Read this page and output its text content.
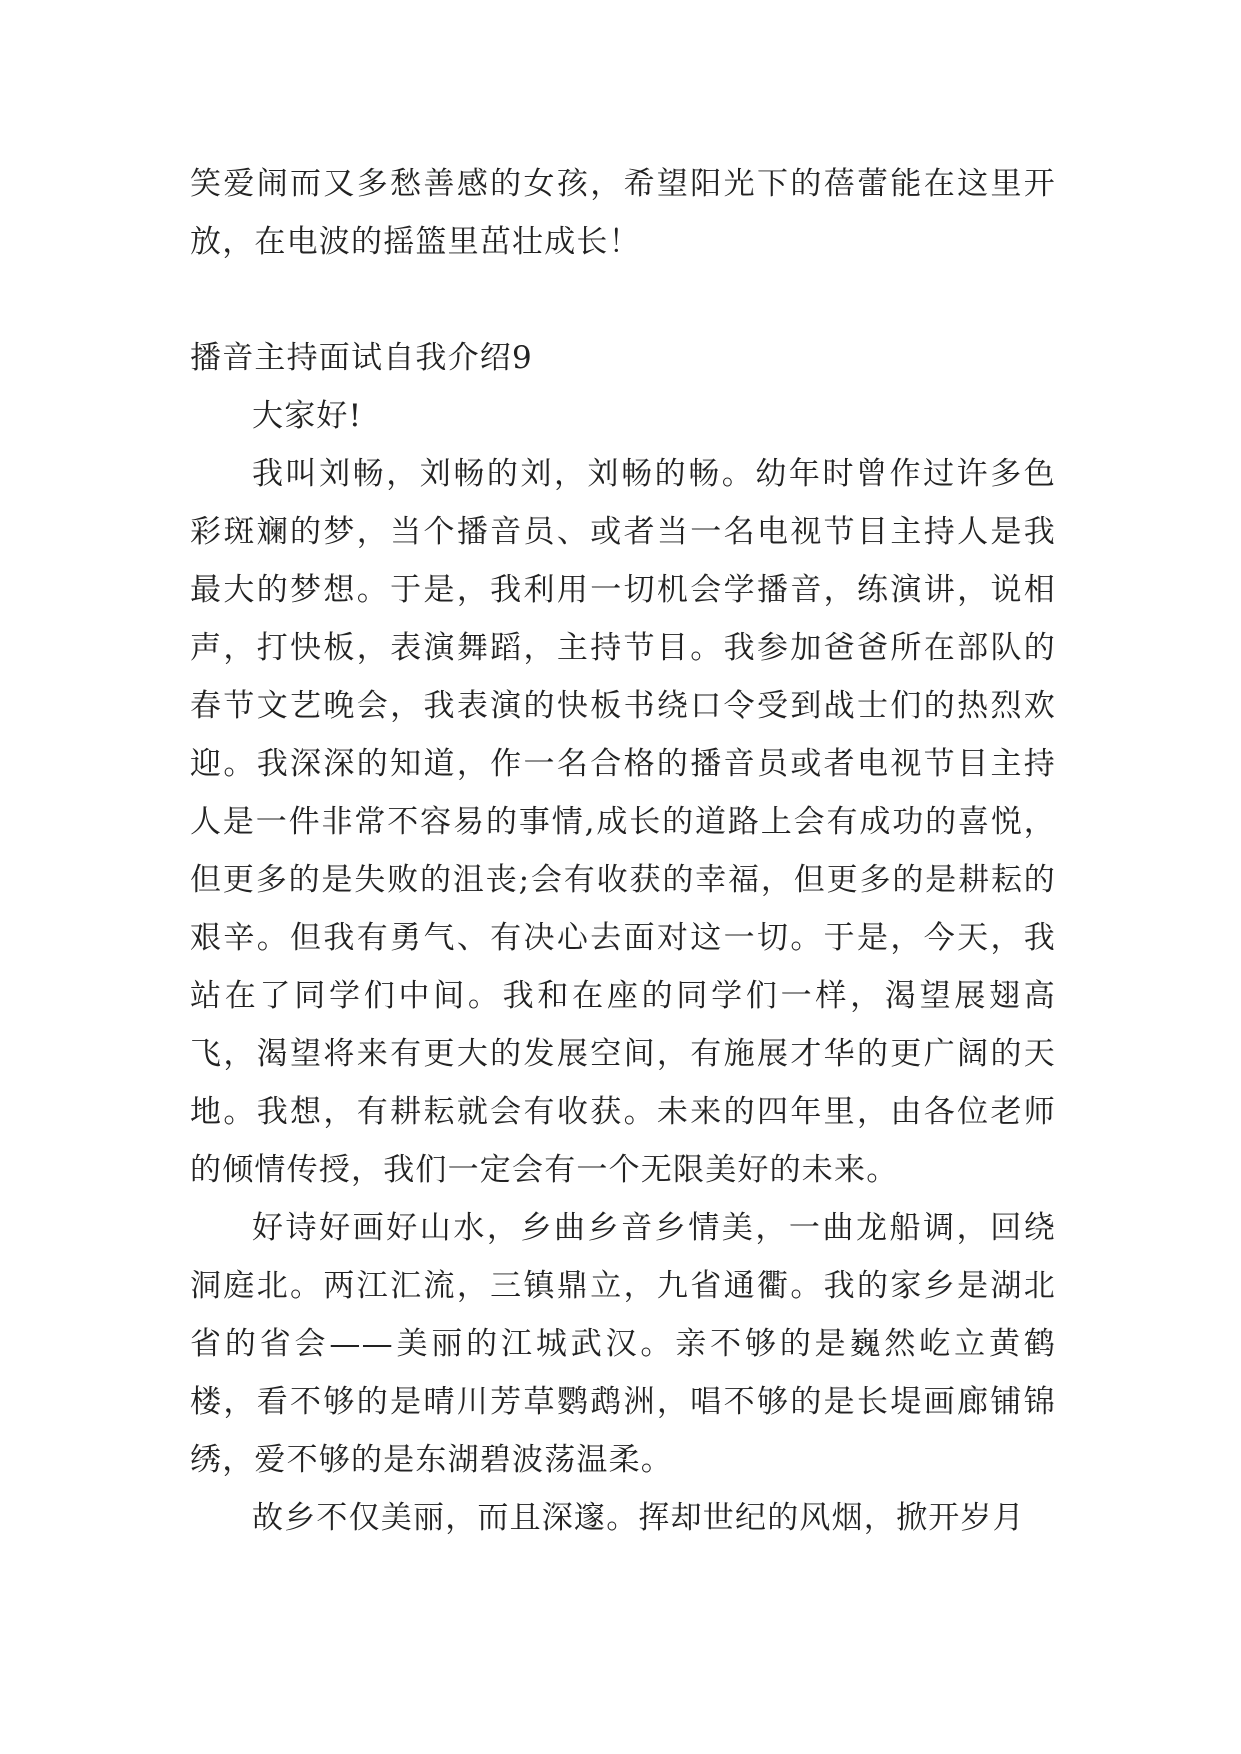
笑爱闹而又多愁善感的女孩，希望阳光下的蓓蕾能在这里开放，在电波的摇篮里茁壮成长！

播音主持面试自我介绍9

大家好!

我叫刘畅，刘畅的刘，刘畅的畅。幼年时曾作过许多色彩斑斓的梦，当个播音员、或者当一名电视节目主持人是我最大的梦想。于是，我利用一切机会学播音，练演讲，说相声，打快板，表演舞蹈，主持节目。我参加爸爸所在部队的春节文艺晚会，我表演的快板书绕口令受到战士们的热烈欢迎。我深深的知道，作一名合格的播音员或者电视节目主持人是一件非常不容易的事情,成长的道路上会有成功的喜悦，但更多的是失败的沮丧;会有收获的幸福，但更多的是耕耘的艰辛。但我有勇气、有决心去面对这一切。于是，今天，我站在了同学们中间。我和在座的同学们一样，渴望展翅高飞，渴望将来有更大的发展空间，有施展才华的更广阔的天地。我想，有耕耘就会有收获。未来的四年里，由各位老师的倾情传授，我们一定会有一个无限美好的未来。

好诗好画好山水，乡曲乡音乡情美，一曲龙船调，回绕洞庭北。两江汇流，三镇鼎立，九省通衢。我的家乡是湖北省的省会——美丽的江城武汉。亲不够的是巍然屹立黄鹤楼，看不够的是晴川芳草鹦鹉洲，唱不够的是长堤画廊铺锦绣，爱不够的是东湖碧波荡温柔。

故乡不仅美丽，而且深邃。挥却世纪的风烟，掀开岁月
